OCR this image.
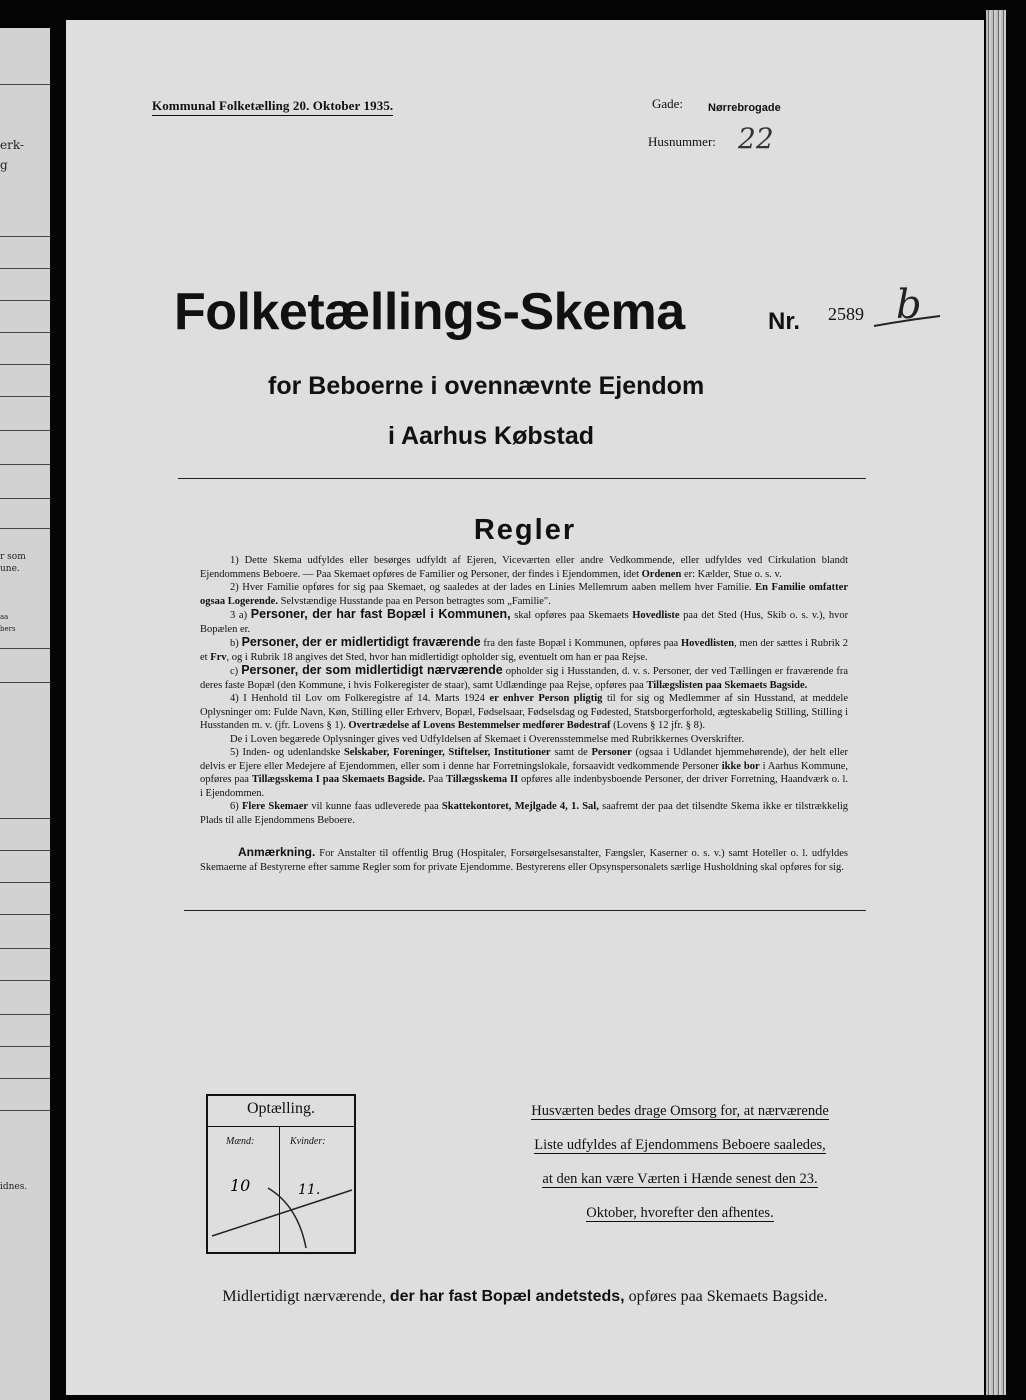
erk-
g
r som
une.
aa
bers
idnes.
Kommunal Folketælling 20. Oktober 1935.	Gade: Nørrebrogade
Husnummer: 22
Folketællings-Skema	Nr. 2589 b
for Beboerne i ovennævnte Ejendom
i Aarhus Købstad
Regler

1) Dette Skema udfyldes eller besørges udfyldt af Ejeren, Viceværten eller andre Vedkommende, eller udfyldes ved Cirkulation blandt Ejendommens Beboere. — Paa Skemaet opføres de Familier og Personer, der findes i Ejendommen, idet Ordenen er: Kælder, Stue o. s. v.

2) Hver Familie opføres for sig paa Skemaet, og saaledes at der lades en Linies Mellemrum aaben mellem hver Familie. En Familie omfatter ogsaa Logerende. Selvstændige Husstande paa en Person betragtes som „Familie".

3 a) Personer, der har fast Bopæl i Kommunen, skal opføres paa Skemaets Hovedliste paa det Sted (Hus, Skib o. s. v.), hvor Bopælen er.

b) Personer, der er midlertidigt fraværende fra den faste Bopæl i Kommunen, opføres paa Hovedlisten, men der sættes i Rubrik 2 et Frv, og i Rubrik 18 angives det Sted, hvor han midlertidigt opholder sig, eventuelt om han er paa Rejse.

c) Personer, der som midlertidigt nærværende opholder sig i Husstanden, d. v. s. Personer, der ved Tællingen er fraværende fra deres faste Bopæl (den Kommune, i hvis Folkeregister de staar), samt Udlændinge paa Rejse, opføres paa Tillægslisten paa Skemaets Bagside.

4) I Henhold til Lov om Folkeregistre af 14. Marts 1924 er enhver Person pligtig til for sig og Medlemmer af sin Husstand, at meddele Oplysninger om: Fulde Navn, Køn, Stilling eller Erhverv, Bopæl, Fødselsaar, Fødselsdag og Fødested, Statsborgerforhold, ægteskabelig Stilling, Stilling i Husstanden m. v. (jfr. Lovens § 1). Overtrædelse af Lovens Bestemmelser medfører Bødestraf (Lovens § 12 jfr. § 8).

De i Loven begærede Oplysninger gives ved Udfyldelsen af Skemaet i Overensstemmelse med Rubrikkernes Overskrifter.

5) Inden- og udenlandske Selskaber, Foreninger, Stiftelser, Institutioner samt de Personer (ogsaa i Udlandet hjemmehørende), der helt eller delvis er Ejere eller Medejere af Ejendommen, eller som i denne har Forretningslokale, forsaavidt vedkommende Personer ikke bor i Aarhus Kommune, opføres paa Tillægsskema I paa Skemaets Bagside. Paa Tillægsskema II opføres alle indenbysboende Personer, der driver Forretning, Haandværk o. l. i Ejendommen.

6) Flere Skemaer vil kunne faas udleverede paa Skattekontoret, Mejlgade 4, 1. Sal, saafremt der paa det tilsendte Skema ikke er tilstrækkelig Plads til alle Ejendommens Beboere.

Anmærkning. For Anstalter til offentlig Brug (Hospitaler, Forsørgelsesanstalter, Fængsler, Kaserner o. s. v.) samt Hoteller o. l. udfyldes Skemaerne af Bestyrerne efter samme Regler som for private Ejendomme. Bestyrerens eller Opsynspersonalets særlige Husholdning skal opføres for sig.
Optælling.
Mænd:	Kvinder:
10	11.
Husværten bedes drage Omsorg for, at nærværende
Liste udfyldes af Ejendommens Beboere saaledes,
at den kan være Værten i Hænde senest den 23.
Oktober, hvorefter den afhentes.
Midlertidigt nærværende, der har fast Bopæl andetsteds, opføres paa Skemaets Bagside.
